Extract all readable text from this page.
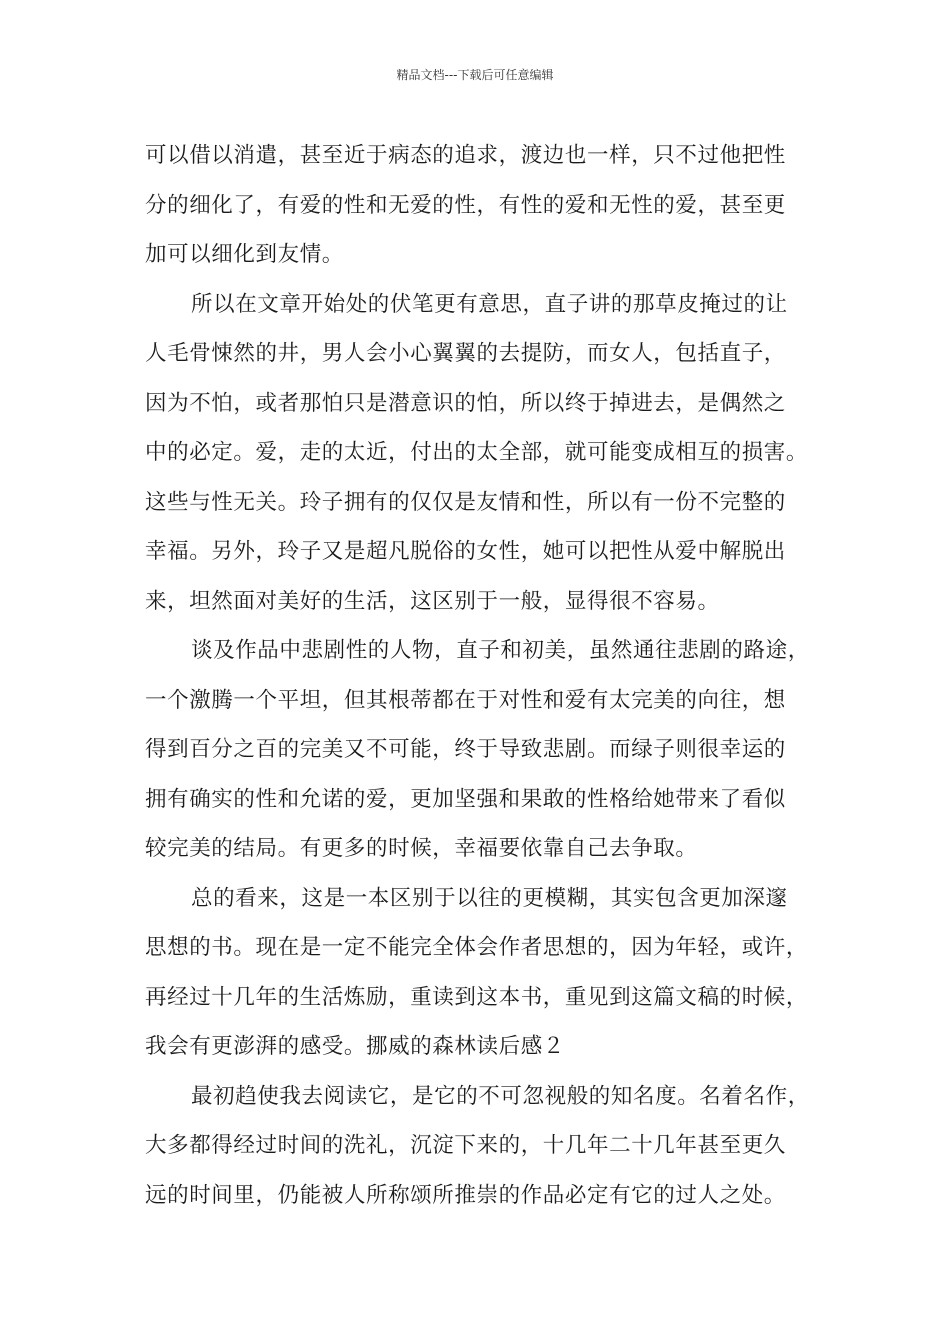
精品文档---下载后可任意编辑
可以借以消遣，甚至近于病态的追求，渡边也一样，只不过他把性
分的细化了，有爱的性和无爱的性，有性的爱和无性的爱，甚至更
加可以细化到友情。
所以在文章开始处的伏笔更有意思，直子讲的那草皮掩过的让
人毛骨悚然的井，男人会小心翼翼的去提防，而女人，包括直子，
因为不怕，或者那怕只是潜意识的怕，所以终于掉进去，是偶然之
中的必定。爱，走的太近，付出的太全部，就可能变成相互的损害。
这些与性无关。玲子拥有的仅仅是友情和性，所以有一份不完整的
幸福。另外，玲子又是超凡脱俗的女性，她可以把性从爱中解脱出
来，坦然面对美好的生活，这区别于一般，显得很不容易。
谈及作品中悲剧性的人物，直子和初美，虽然通往悲剧的路途，
一个激腾一个平坦，但其根蒂都在于对性和爱有太完美的向往，想
得到百分之百的完美又不可能，终于导致悲剧。而绿子则很幸运的
拥有确实的性和允诺的爱，更加坚强和果敢的性格给她带来了看似
较完美的结局。有更多的时候，幸福要依靠自己去争取。
总的看来，这是一本区别于以往的更模糊，其实包含更加深邃
思想的书。现在是一定不能完全体会作者思想的，因为年轻，或许，
再经过十几年的生活炼励，重读到这本书，重见到这篇文稿的时候，
我会有更澎湃的感受。挪威的森林读后感２
最初趋使我去阅读它，是它的不可忽视般的知名度。名着名作，
大多都得经过时间的洗礼，沉淀下来的，十几年二十几年甚至更久
远的时间里，仍能被人所称颂所推崇的作品必定有它的过人之处。
